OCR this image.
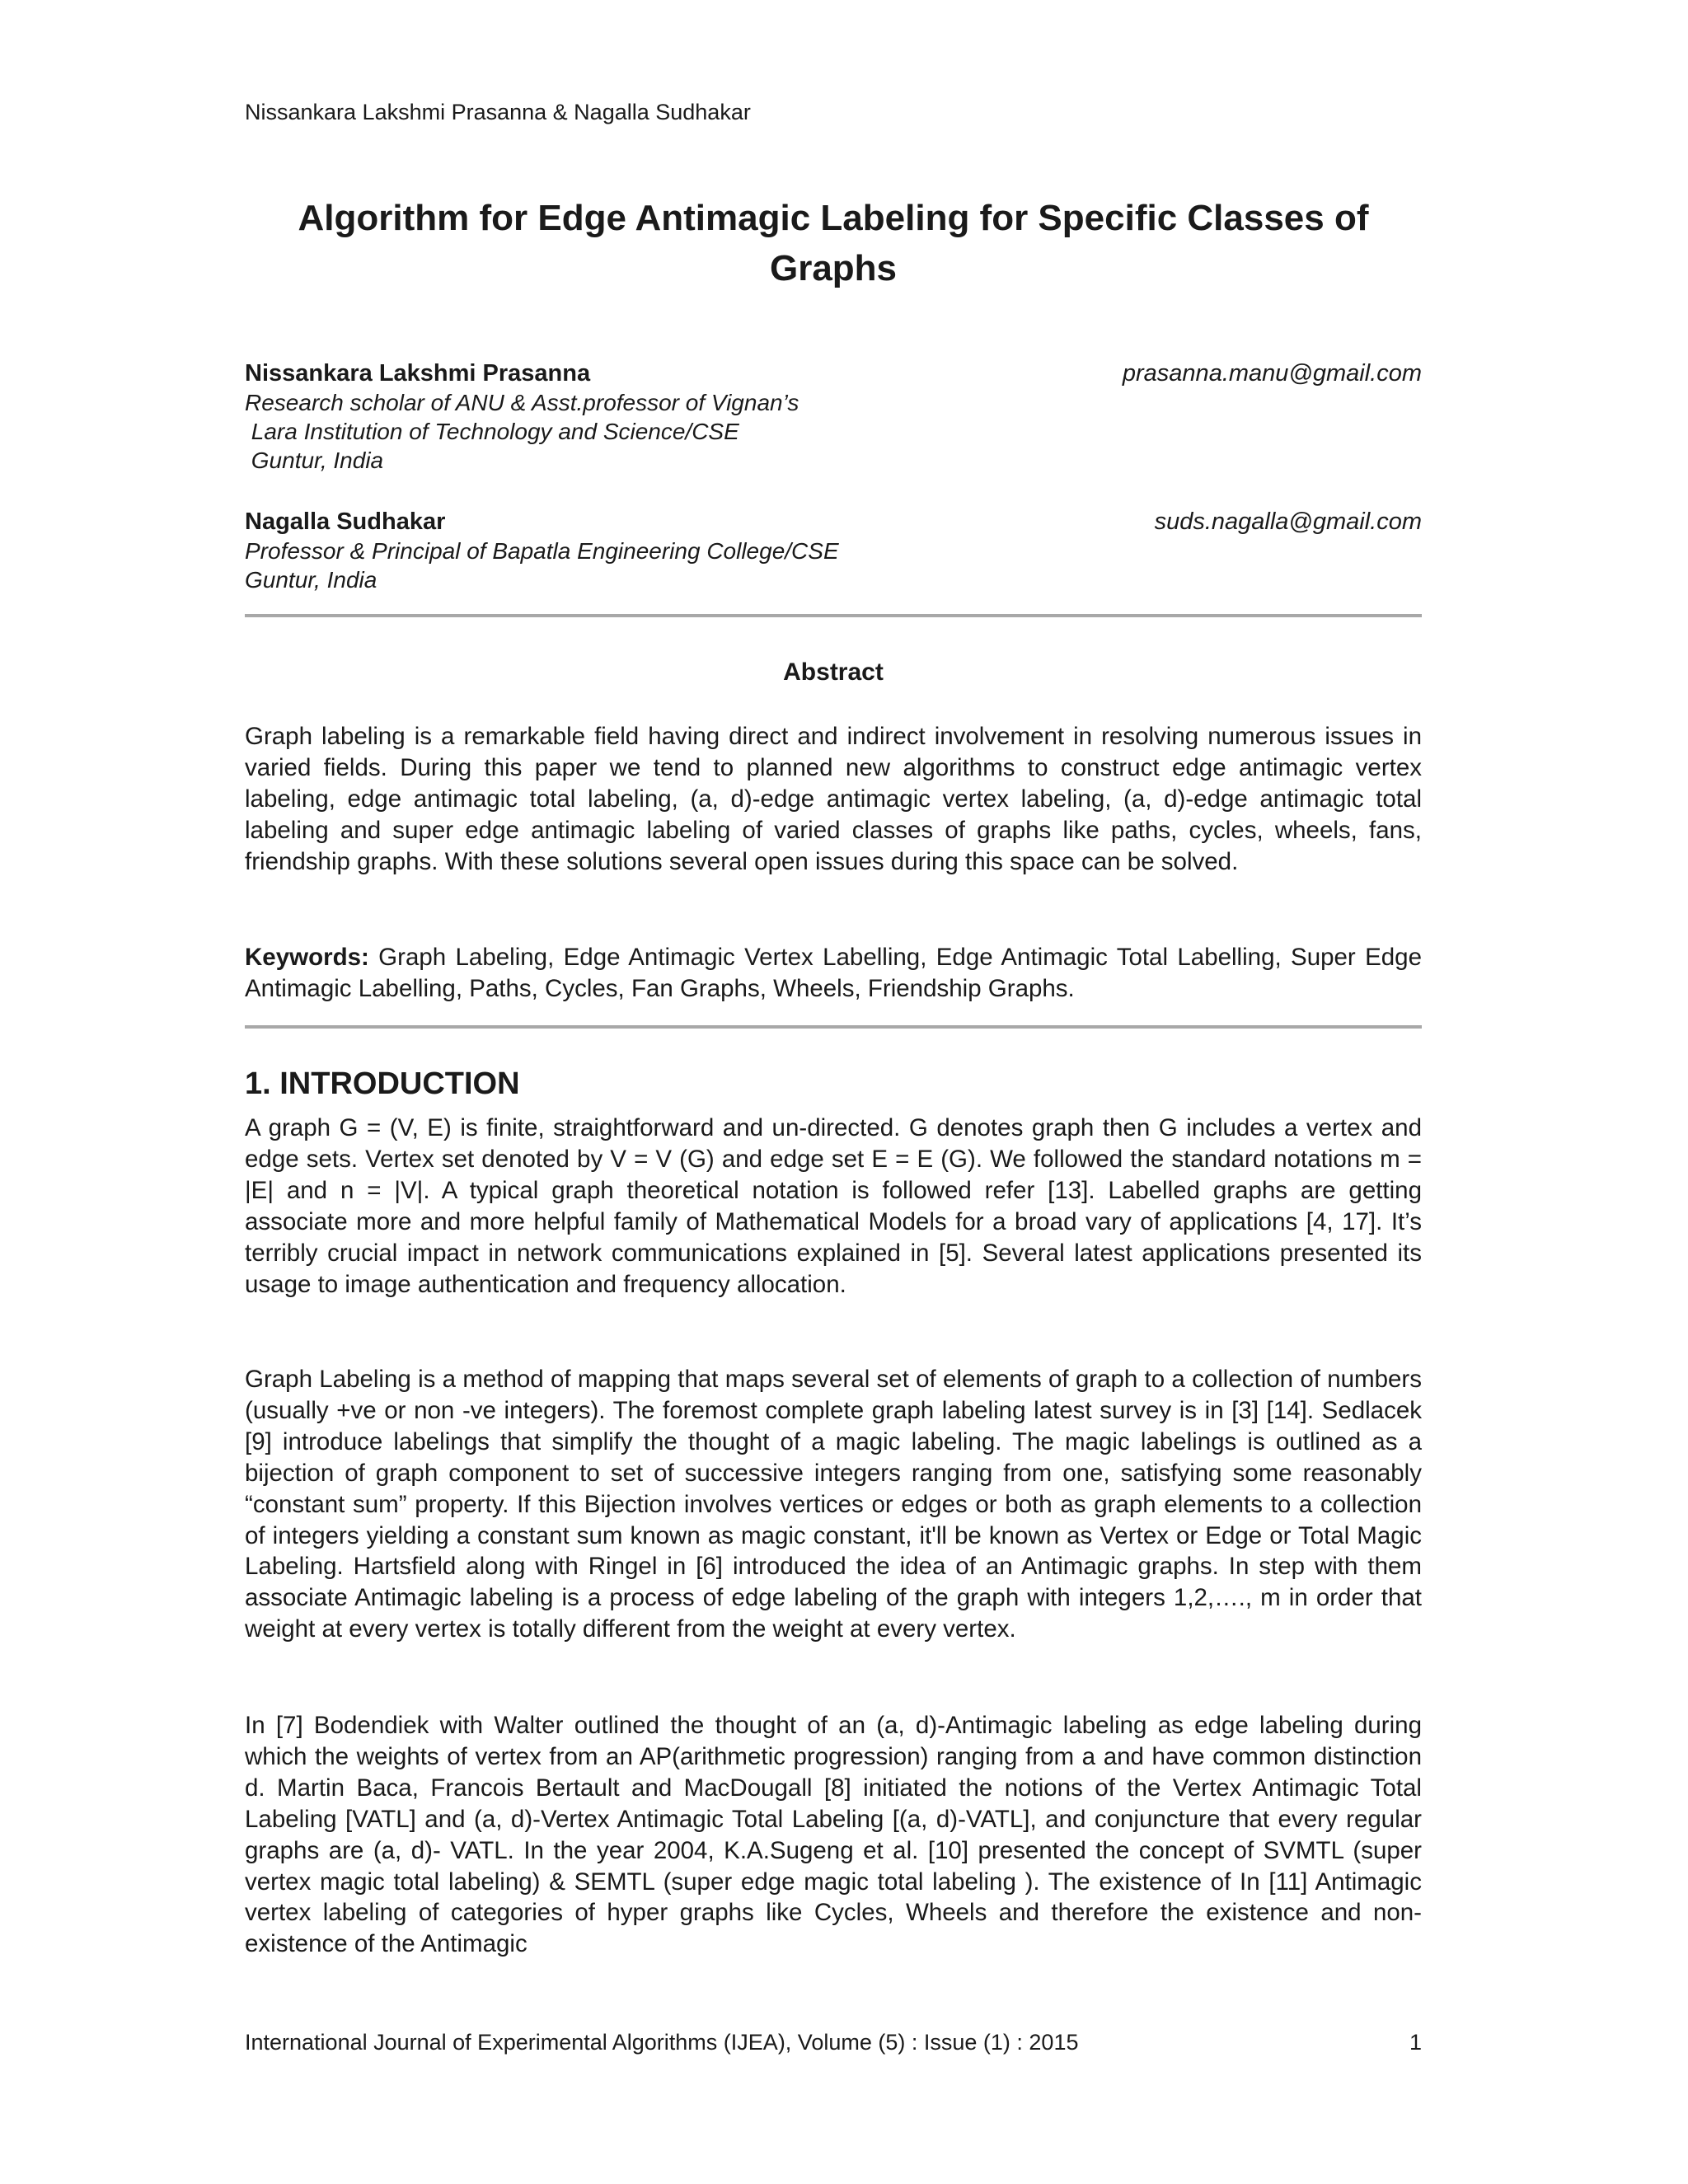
Nissankara Lakshmi Prasanna & Nagalla Sudhakar
Algorithm for Edge Antimagic Labeling for Specific Classes of
Graphs
Nissankara Lakshmi Prasanna	prasanna.manu@gmail.com
Research scholar of ANU & Asst.professor of Vignan’s
Lara Institution of Technology and Science/CSE
Guntur, India
Nagalla Sudhakar	suds.nagalla@gmail.com
Professor & Principal of Bapatla Engineering College/CSE
Guntur, India
Abstract
Graph labeling is a remarkable field having direct and indirect involvement in resolving numerous issues in varied fields. During this paper we tend to planned new algorithms to construct edge antimagic vertex labeling, edge antimagic total labeling, (a, d)-edge antimagic vertex labeling, (a, d)-edge antimagic total labeling and super edge antimagic labeling of varied classes of graphs like paths, cycles, wheels, fans, friendship graphs. With these solutions several open issues during this space can be solved.
Keywords: Graph Labeling, Edge Antimagic Vertex Labelling, Edge Antimagic Total Labelling, Super Edge Antimagic Labelling, Paths, Cycles, Fan Graphs, Wheels, Friendship Graphs.
1. INTRODUCTION
A graph G = (V, E) is finite, straightforward and un-directed. G denotes graph then G includes a vertex and edge sets. Vertex set denoted by V = V (G) and edge set E = E (G). We followed the standard notations m = |E| and n = |V|. A typical graph theoretical notation is followed refer [13]. Labelled graphs are getting associate more and more helpful family of Mathematical Models for a broad vary of applications [4, 17]. It’s terribly crucial impact in network communications explained in [5]. Several latest applications presented its usage to image authentication and frequency allocation.
Graph Labeling is a method of mapping that maps several set of elements of graph to a collection of numbers (usually +ve or non -ve integers). The foremost complete graph labeling latest survey is in [3] [14]. Sedlacek [9] introduce labelings that simplify the thought of a magic labeling. The magic labelings is outlined as a bijection of graph component to set of successive integers ranging from one, satisfying some reasonably “constant sum” property. If this Bijection involves vertices or edges or both as graph elements to a collection of integers yielding a constant sum known as magic constant, it'll be known as Vertex or Edge or Total Magic Labeling. Hartsfield along with Ringel in [6] introduced the idea of an Antimagic graphs. In step with them associate Antimagic labeling is a process of edge labeling of the graph with integers 1,2,…., m in order that weight at every vertex is totally different from the weight at every vertex.
In [7] Bodendiek with Walter outlined the thought of an (a, d)-Antimagic labeling as edge labeling during which the weights of vertex from an AP(arithmetic progression) ranging from a and have common distinction d. Martin Baca, Francois Bertault and MacDougall [8] initiated the notions of the Vertex Antimagic Total Labeling [VATL] and (a, d)-Vertex Antimagic Total Labeling [(a, d)-VATL], and conjuncture that every regular graphs are (a, d)- VATL. In the year 2004, K.A.Sugeng et al. [10] presented the concept of SVMTL (super vertex magic total labeling) & SEMTL (super edge magic total labeling ). The existence of In [11] Antimagic vertex labeling of categories of hyper graphs like Cycles, Wheels and therefore the existence and non-existence of the Antimagic
International Journal of Experimental Algorithms (IJEA), Volume (5) : Issue (1) : 2015	1
